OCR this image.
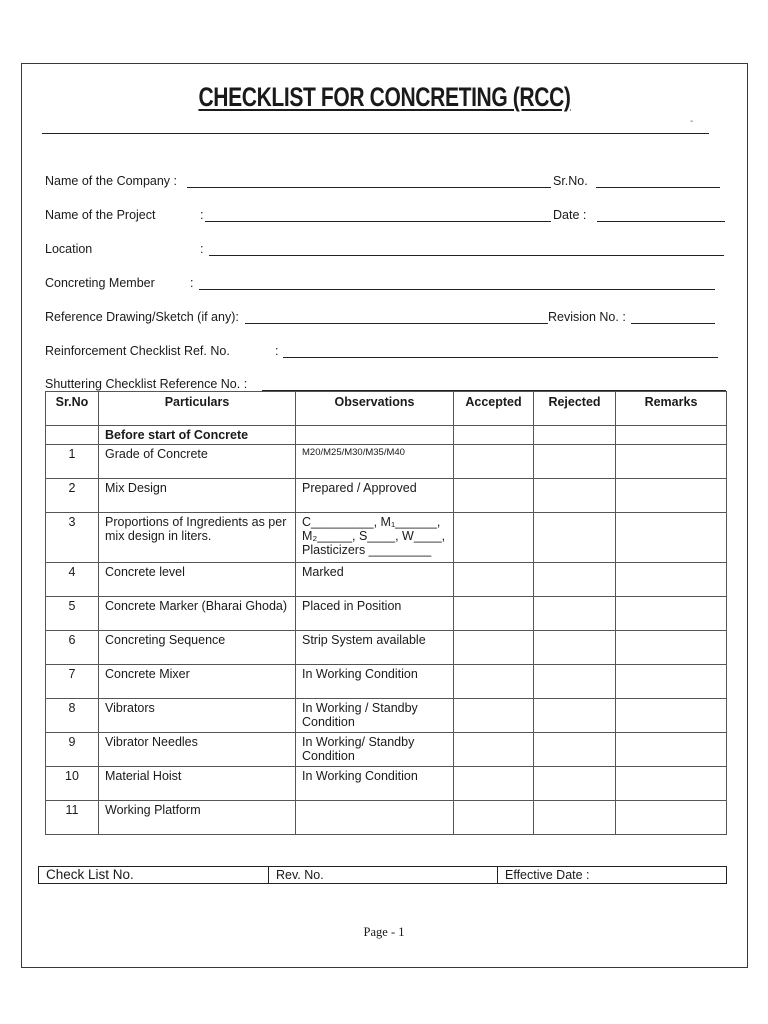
CHECKLIST FOR CONCRETING (RCC)
-
Name of the Company :	Sr.No.
Name of the Project	:	Date :
Location	:
Concreting Member	:
Reference Drawing/Sketch (if any):	Revision No. :
Reinforcement Checklist Ref. No.	:
Shuttering Checklist Reference No. :
Sr.No	Particulars	Observations	Accepted	Rejected	Remarks
	Before start of Concrete				
1	Grade of Concrete	M20/M25/M30/M35/M40			
2	Mix Design	Prepared / Approved			
3	Proportions of Ingredients as per mix design in liters.	C_________, M₁______, M₂_____, S____, W____, Plasticizers _________			
4	Concrete level	Marked			
5	Concrete Marker (Bharai Ghoda)	Placed in Position			
6	Concreting Sequence	Strip System available			
7	Concrete Mixer	In Working Condition			
8	Vibrators	In Working / Standby Condition			
9	Vibrator Needles	In Working/ Standby Condition			
10	Material Hoist	In Working Condition			
11	Working Platform				
Check List No.	Rev. No.	Effective Date :
Page - 1
